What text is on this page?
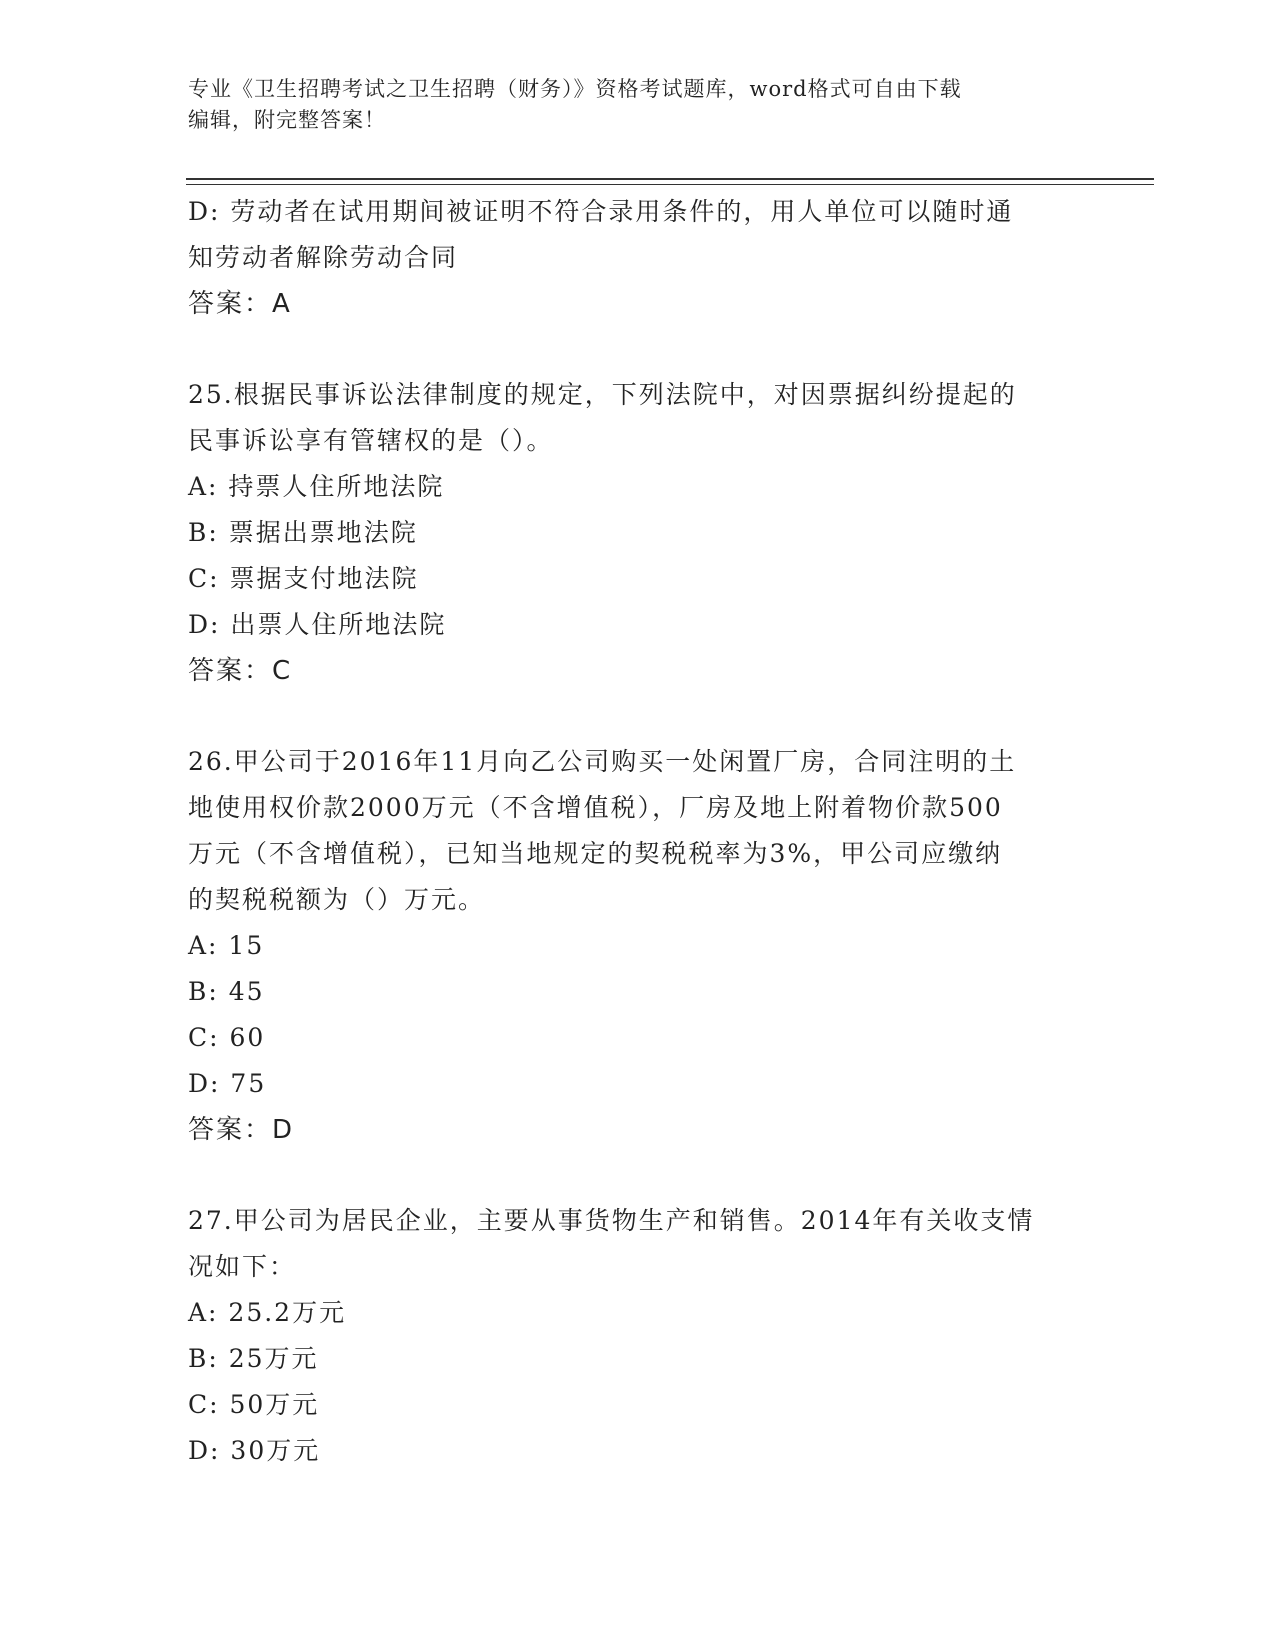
专业《卫生招聘考试之卫生招聘（财务）》资格考试题库，word格式可自由下载
编辑，附完整答案！
D: 劳动者在试用期间被证明不符合录用条件的，用人单位可以随时通
知劳动者解除劳动合同
答案：A
25.根据民事诉讼法律制度的规定，下列法院中，对因票据纠纷提起的
民事诉讼享有管辖权的是（）。
A: 持票人住所地法院
B: 票据出票地法院
C: 票据支付地法院
D: 出票人住所地法院
答案：C
26.甲公司于2016年11月向乙公司购买一处闲置厂房，合同注明的土
地使用权价款2000万元（不含增值税），厂房及地上附着物价款500
万元（不含增值税），已知当地规定的契税税率为3%，甲公司应缴纳
的契税税额为（）万元。
A: 15
B: 45
C: 60
D: 75
答案：D
27.甲公司为居民企业，主要从事货物生产和销售。2014年有关收支情
况如下：
A: 25.2万元
B: 25万元
C: 50万元
D: 30万元
